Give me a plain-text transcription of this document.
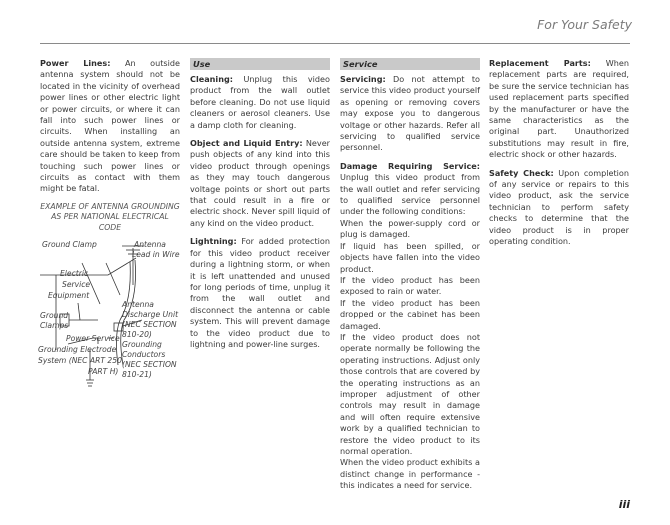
For Your Safety

Power Lines: An outside antenna system should not be located in the vicinity of overhead power lines or other electric light or power circuits, or where it can fall into such power lines or circuits. When installing an outside antenna system, extreme care should be taken to keep from touching such power lines or circuits as contact with them might be fatal.

EXAMPLE OF ANTENNA GROUNDING
AS PER NATIONAL ELECTRICAL CODE

Ground Clamp	Antenna
Lead in Wire
Electric
Service
Equipment
Ground
Clamps
Antenna
Discharge Unit
(NEC SECTION
810-20)
Power Service
Grounding Electrode
System (NEC ART 250.
PART H)
Grounding
Conductors
(NEC SECTION
810-21)
Use

Cleaning: Unplug this video product from the wall outlet before cleaning. Do not use liquid cleaners or aerosol cleaners. Use a damp cloth for cleaning.

Object and Liquid Entry: Never push objects of any kind into this video product through openings as they may touch dangerous voltage points or short out parts that could result in a fire or electric shock. Never spill liquid of any kind on the video product.

Lightning: For added protection for this video product receiver during a lightning storm, or when it is left unattended and unused for long periods of time, unplug it from the wall outlet and disconnect the antenna or cable system. This will prevent damage to the video product due to lightning and power-line surges.

Service

Servicing: Do not attempt to service this video product yourself as opening or removing covers may expose you to dangerous voltage or other hazards. Refer all servicing to qualified service personnel.

Damage Requiring Service: Unplug this video product from the wall outlet and refer servicing to qualified service personnel under the following conditions:

When the power-supply cord or plug is damaged.

If liquid has been spilled, or objects have fallen into the video product.

If the video product has been exposed to rain or water.

If the video product has been dropped or the cabinet has been damaged.

If the video product does not operate normally be following the operating instructions. Adjust only those controls that are covered by the operating instructions as an improper adjustment of other controls may result in damage and will often require extensive work by a qualified technician to restore the video product to its normal operation.

When the video product exhibits a distinct change in performance - this indicates a need for service.

Replacement Parts: When replacement parts are required, be sure the service technician has used replacement parts specified by the manufacturer or have the same characteristics as the original part. Unauthorized substitutions may result in fire, electric shock or other hazards.

Safety Check: Upon completion of any service or repairs to this video product, ask the service technician to perform safety checks to determine that the video product is in proper operating condition.

iii
